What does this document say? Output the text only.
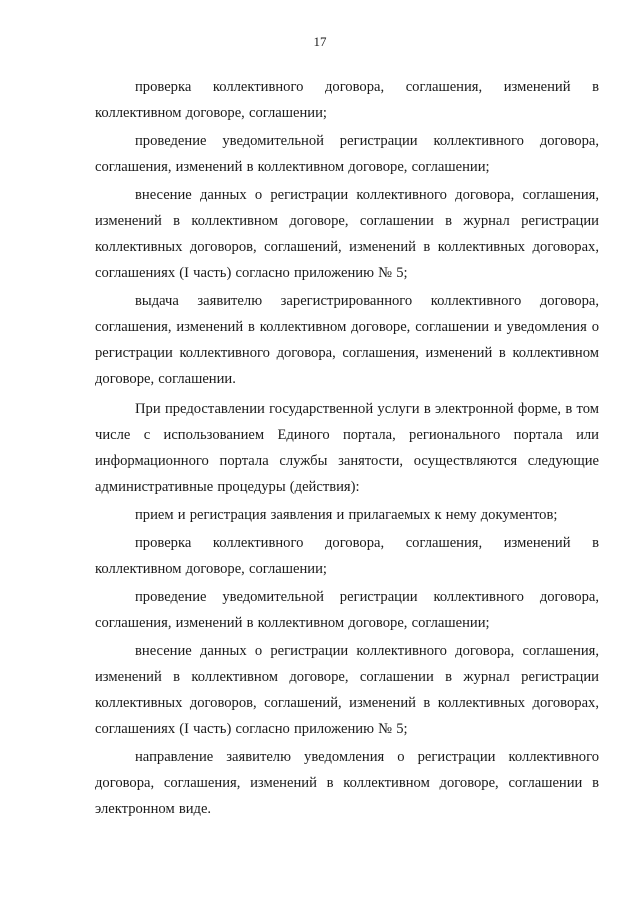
17

проверка коллективного договора, соглашения, изменений в коллективном договоре, соглашении;

проведение уведомительной регистрации коллективного договора, соглашения, изменений в коллективном договоре, соглашении;

внесение данных о регистрации коллективного договора, соглашения, изменений в коллективном договоре, соглашении в журнал регистрации коллективных договоров, соглашений, изменений в коллективных договорах, соглашениях (I часть) согласно приложению № 5;

выдача заявителю зарегистрированного коллективного договора, соглашения, изменений в коллективном договоре, соглашении и уведомления о регистрации коллективного договора, соглашения, изменений в коллективном договоре, соглашении.

При предоставлении государственной услуги в электронной форме, в том числе с использованием Единого портала, регионального портала или информационного портала службы занятости, осуществляются следующие административные процедуры (действия):

прием и регистрация заявления и прилагаемых к нему документов;

проверка коллективного договора, соглашения, изменений в коллективном договоре, соглашении;

проведение уведомительной регистрации коллективного договора, соглашения, изменений в коллективном договоре, соглашении;

внесение данных о регистрации коллективного договора, соглашения, изменений в коллективном договоре, соглашении в журнал регистрации коллективных договоров, соглашений, изменений в коллективных договорах, соглашениях (I часть) согласно приложению № 5;

направление заявителю уведомления о регистрации коллективного договора, соглашения, изменений в коллективном договоре, соглашении в электронном виде.
